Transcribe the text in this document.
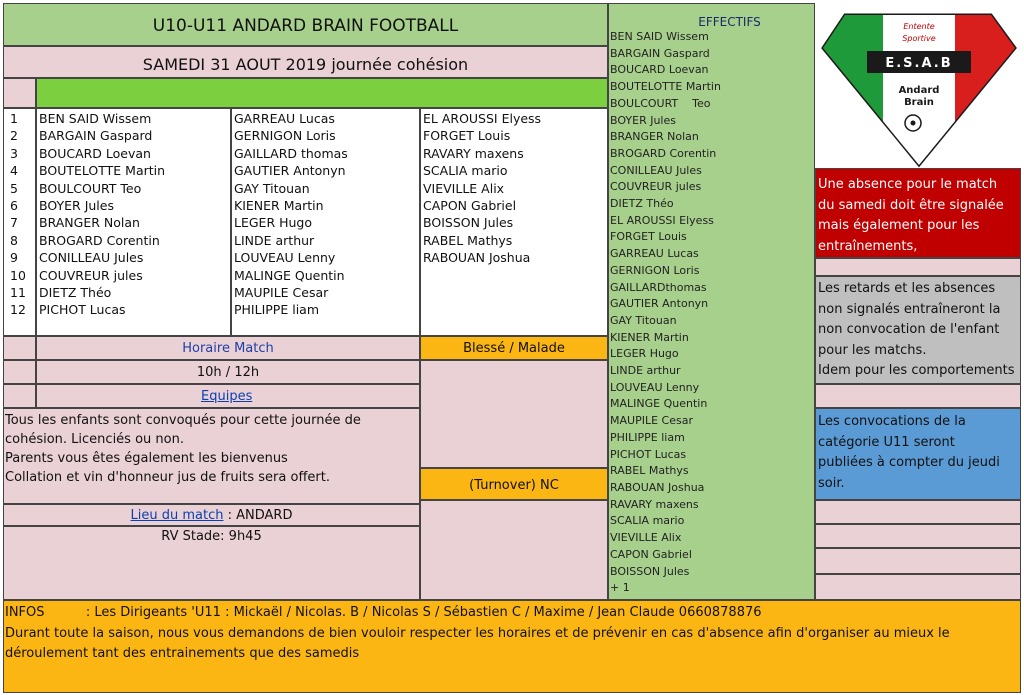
U10-U11 ANDARD BRAIN FOOTBALL
SAMEDI 31 AOUT 2019 journée cohésion
1
2
3
4
5
6
7
8
9
10
11
12
BEN SAID Wissem
BARGAIN Gaspard
BOUCARD Loevan
BOUTELOTTE Martin
BOULCOURT Teo
BOYER Jules
BRANGER Nolan
BROGARD Corentin
CONILLEAU Jules
COUVREUR jules
DIETZ Théo
PICHOT Lucas
GARREAU Lucas
GERNIGON Loris
GAILLARD thomas
GAUTIER Antonyn
GAY Titouan
KIENER Martin
LEGER Hugo
LINDE arthur
LOUVEAU Lenny
MALINGE Quentin
MAUPILE Cesar
PHILIPPE liam
EL AROUSSI Elyess
FORGET Louis
RAVARY maxens
SCALIA mario
VIEVILLE Alix
CAPON Gabriel
BOISSON Jules
RABEL Mathys
RABOUAN Joshua
Horaire Match
10h / 12h
Equipes
Tous les enfants sont convoqués pour cette journée de
cohésion. Licenciés ou non.
Parents vous êtes également les bienvenus
Collation et vin d'honneur jus de fruits sera offert.
Lieu du match : ANDARD
RV Stade: 9h45
Blessé / Malade
(Turnover) NC
EFFECTIFS
BEN SAID Wissem
BARGAIN Gaspard
BOUCARD Loevan
BOUTELOTTE Martin
BOULCOURT    Teo
BOYER Jules
BRANGER Nolan
BROGARD Corentin
CONILLEAU Jules
COUVREUR jules
DIETZ Théo
EL AROUSSI Elyess
FORGET Louis
GARREAU Lucas
GERNIGON Loris
GAILLARDthomas
GAUTIER Antonyn
GAY Titouan
KIENER Martin
LEGER Hugo
LINDE arthur
LOUVEAU Lenny
MALINGE Quentin
MAUPILE Cesar
PHILIPPE liam
PICHOT Lucas
RABEL Mathys
RABOUAN Joshua
RAVARY maxens
SCALIA mario
VIEVILLE Alix
CAPON Gabriel
BOISSON Jules
+ 1
Entente
Sportive
E.S.A.B
Andard
Brain

Une absence pour le match

du samedi doit être signalée

mais également pour les

entraînements,

Les retards et les absences

non signalés entraîneront la

non convocation de l'enfant

pour les matchs.

Idem pour les comportements

Les convocations de la

catégorie U11 seront

publiées à compter du jeudi

soir.

INFOS          : Les Dirigeants 'U11 : Mickaël / Nicolas. B / Nicolas S / Sébastien C / Maxime / Jean Claude 0660878876
Durant toute la saison, nous vous demandons de bien vouloir respecter les horaires et de prévenir en cas d'absence afin d'organiser au mieux le
déroulement tant des entrainements que des samedis
